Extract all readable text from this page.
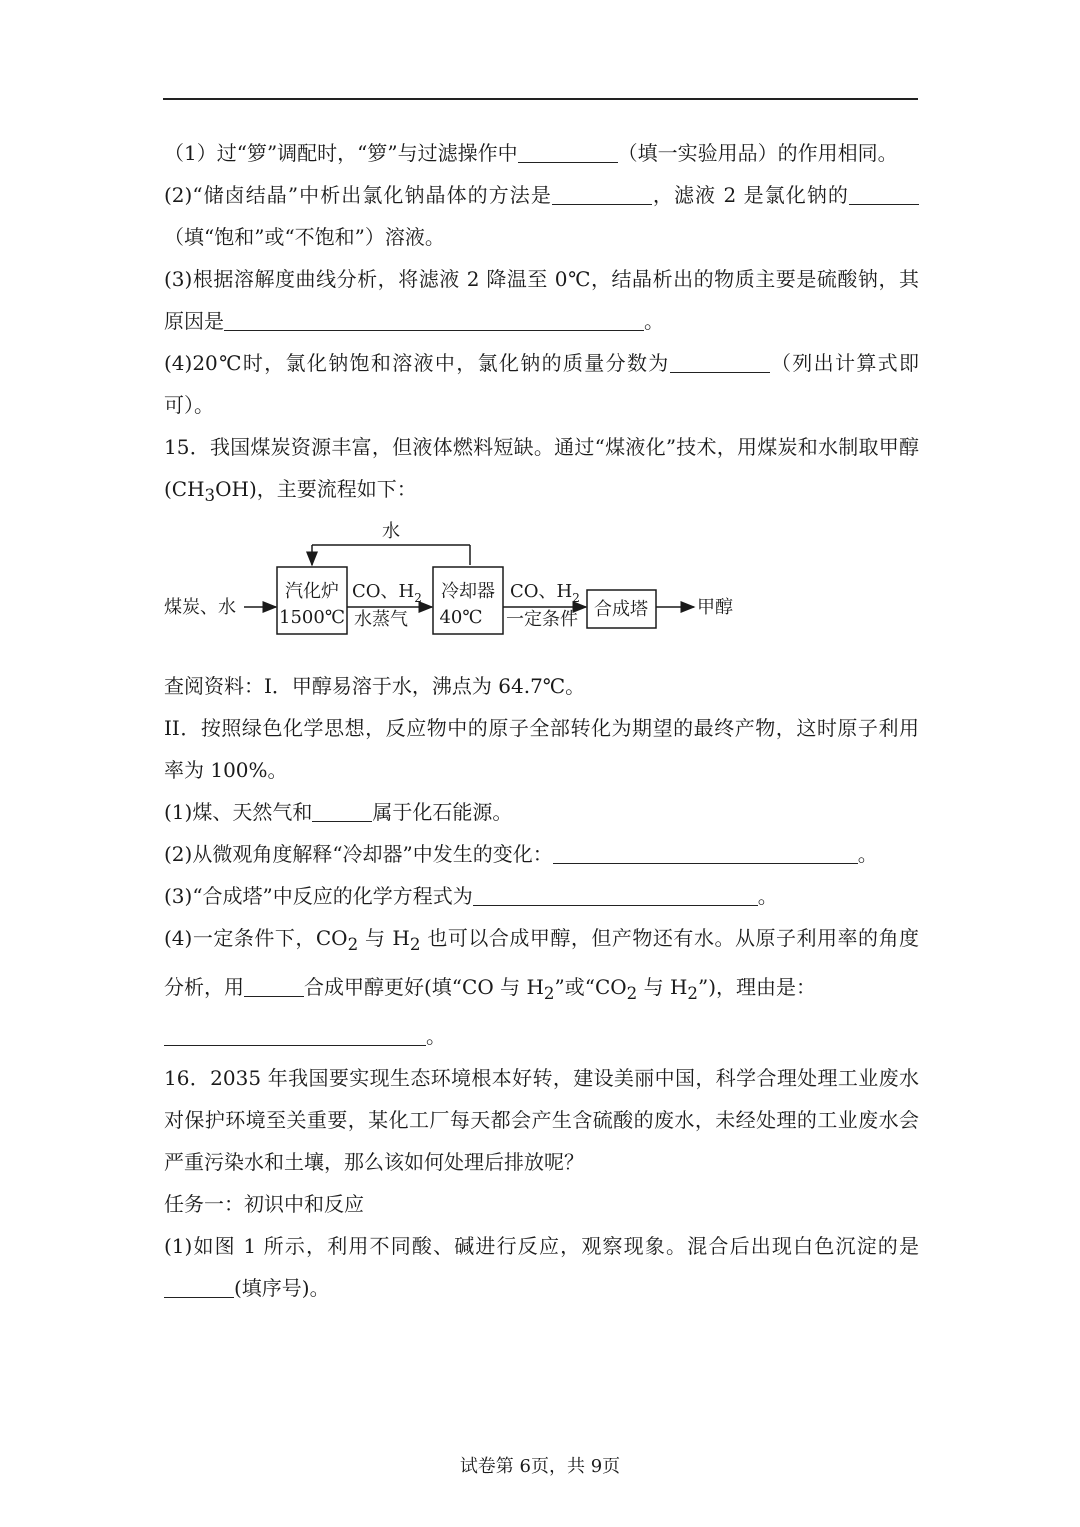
（1）过“箩”调配时，“箩”与过滤操作中	（填一实验用品）的作用相同。

(2)“储卤结晶”中析出氯化钠晶体的方法是	，滤液 2 是氯化钠的（填“饱和”或“不饱和”）溶液。

(3)根据溶解度曲线分析，将滤液 2 降温至 0℃，结晶析出的物质主要是硫酸钠，其原因是	。

(4)20℃时，氯化钠饱和溶液中，氯化钠的质量分数为	（列出计算式即可）。

15．我国煤炭资源丰富，但液体燃料短缺。通过“煤液化”技术，用煤炭和水制取甲醇$(CH_3OH)$，主要流程如下：

水
煤炭、水
汽化炉
1500℃
CO、$H_2$
水蒸气
冷却器
40℃
CO、$H_2$
一定条件 合成塔	甲醇

查阅资料：I．甲醇易溶于水，沸点为 64.7℃。

II．按照绿色化学思想，反应物中的原子全部转化为期望的最终产物，这时原子利用率为 100%。

(1)煤、天然气和	属于化石能源。

(2)从微观角度解释“冷却器”中发生的变化：	。

(3)“合成塔”中反应的化学方程式为	。

(4)一定条件下，$CO_2$ 与 $H_2$ 也可以合成甲醇，但产物还有水。从原子利用率的角度分析，用	合成甲醇更好(填“CO 与 $H_2$”或“$CO_2$ 与 $H_2$”)，理由是：
。

16．2035 年我国要实现生态环境根本好转，建设美丽中国，科学合理处理工业废水对保护环境至关重要，某化工厂每天都会产生含硫酸的废水，未经处理的工业废水会严重污染水和土壤，那么该如何处理后排放呢？

任务一：初识中和反应

(1)如图 1 所示，利用不同酸、碱进行反应，观察现象。混合后出现白色沉淀的是(填序号)。

试卷第 6页，共 9页
